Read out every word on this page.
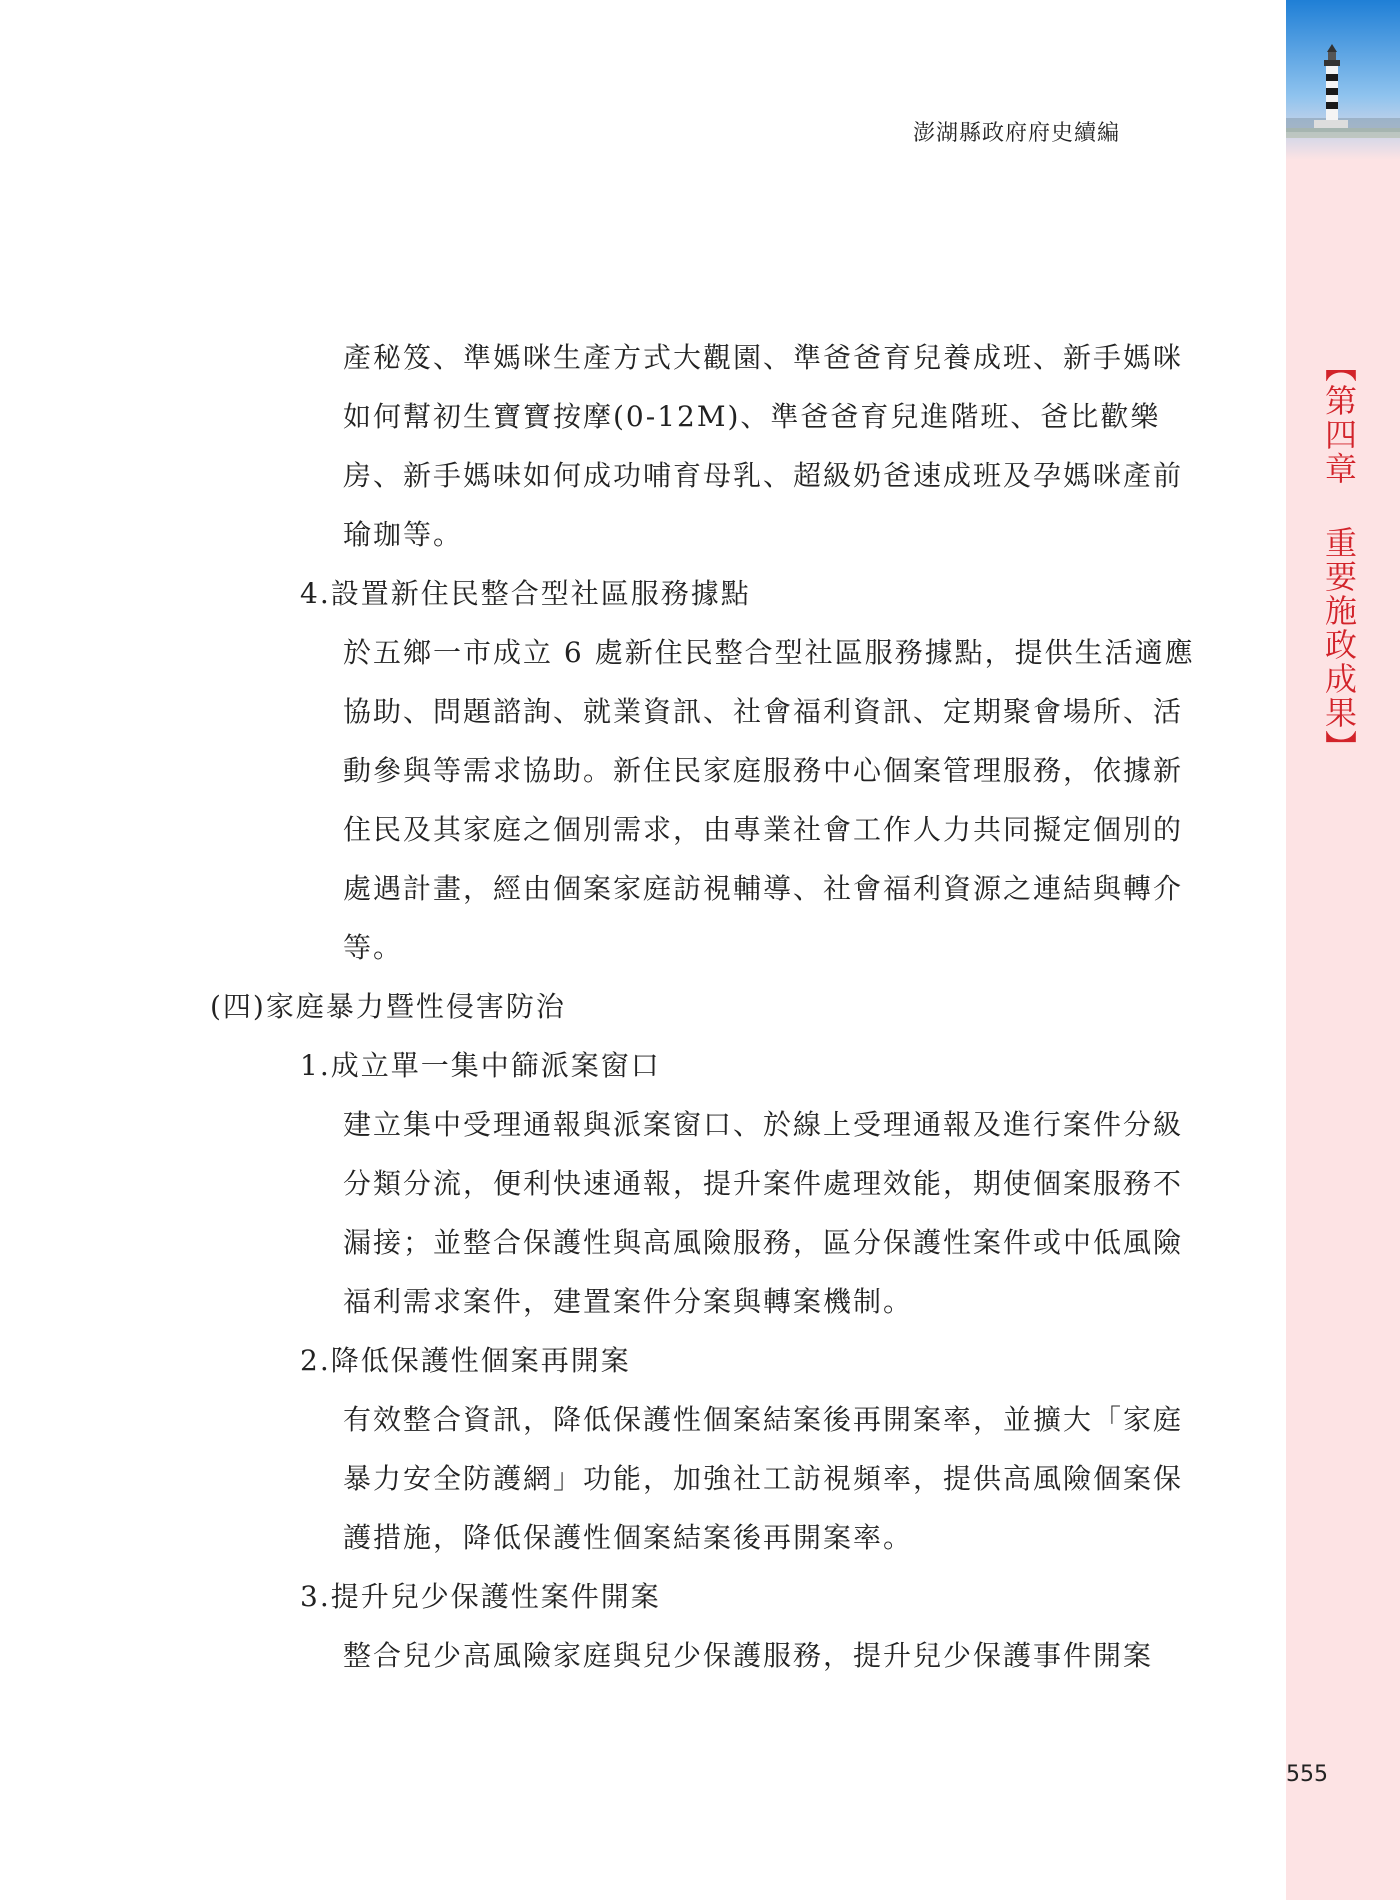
澎湖縣政府府史續編
產秘笈、準媽咪生產方式大觀園、準爸爸育兒養成班、新手媽咪
如何幫初生寶寶按摩(0-12M)、準爸爸育兒進階班、爸比歡樂
房、新手媽味如何成功哺育母乳、超級奶爸速成班及孕媽咪產前
瑜珈等。
4.設置新住民整合型社區服務據點
於五鄉一市成立 6 處新住民整合型社區服務據點，提供生活適應
協助、問題諮詢、就業資訊、社會福利資訊、定期聚會場所、活
動參與等需求協助。新住民家庭服務中心個案管理服務，依據新
住民及其家庭之個別需求，由專業社會工作人力共同擬定個別的
處遇計畫，經由個案家庭訪視輔導、社會福利資源之連結與轉介
等。
(四)家庭暴力暨性侵害防治
1.成立單一集中篩派案窗口
建立集中受理通報與派案窗口、於線上受理通報及進行案件分級
分類分流，便利快速通報，提升案件處理效能，期使個案服務不
漏接；並整合保護性與高風險服務，區分保護性案件或中低風險
福利需求案件，建置案件分案與轉案機制。
2.降低保護性個案再開案
有效整合資訊，降低保護性個案結案後再開案率，並擴大「家庭
暴力安全防護網」功能，加強社工訪視頻率，提供高風險個案保
護措施，降低保護性個案結案後再開案率。
3.提升兒少保護性案件開案
整合兒少高風險家庭與兒少保護服務，提升兒少保護事件開案
【第四章 重要施政成果】
555
